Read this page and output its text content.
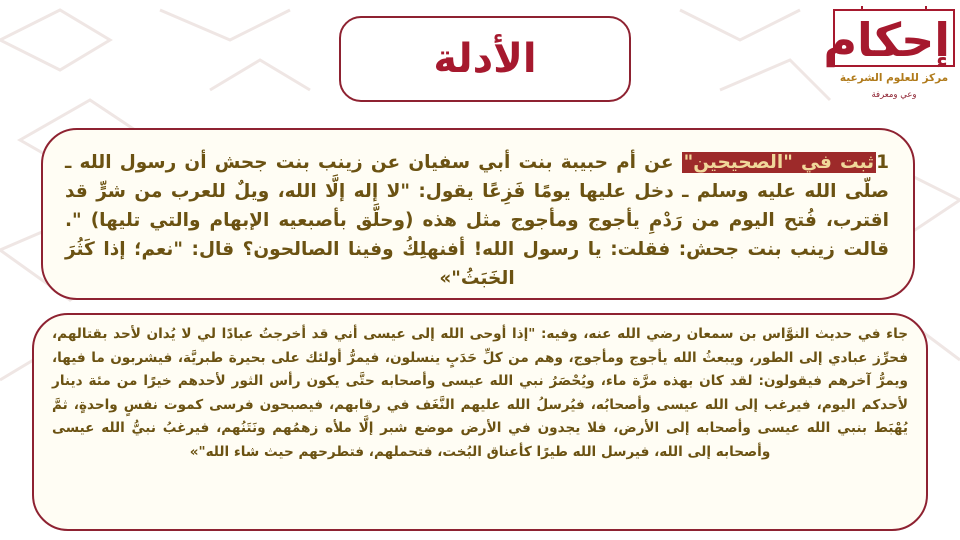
الأدلة	إحكام
مركز للعلوم الشرعية
وعي ومعرفة
1ثبت في "الصحيحين" عن أم حبيبة بنت أبي سفيان عن زينب بنت جحش أن رسول الله ـ صلّى الله عليه وسلم ـ دخل عليها يومًا فَزِعًا يقول: "لا إله إلَّا الله، ويلٌ للعرب من شرٍّ قد اقترب، فُتح اليوم من رَدْمِ يأجوج ومأجوج مثل هذه (وحلَّق بأصبعيه الإبهام والتي تليها) ". قالت زينب بنت جحش: فقلت: يا رسول الله! أفنهلِكُ وفينا الصالحون؟ قال: "نعم؛ إذا كَثُرَ الخَبَثُ"»
جاء في حديث النوَّاس بن سمعان رضي الله عنه، وفيه: "إذا أوحى الله إلى عيسى أني قد أخرجتُ عبادًا لي لا يُدان لأحد بقتالهم، فحرِّز عبادي إلى الطور، ويبعثُ الله يأجوج ومأجوج، وهم من كلِّ حَدَبٍ ينسلون، فيمرُّ أولئك على بحيرة طبريَّة، فيشربون ما فيها، ويمرُّ آخرهم فيقولون: لقد كان بهذه مرَّة ماء، ويُحْصَرُ نبي الله عيسى وأصحابه حتَّى يكون رأس الثور لأحدهم خيرًا من مئة دينار لأحدكم اليوم، فيرغب إلى الله عيسى وأصحابُه، فيُرسلُ الله عليهم النَّغَف في رقابهم، فيصبحون فرسى كموت نفسٍ واحدةٍ، ثمَّ يُهْبَط بنبي الله عيسى وأصحابه إلى الأرض، فلا يجدون في الأرض موضع شبر إلَّا ملأه زهمُهم ونَتَنُهم، فيرغبُ نبيُّ الله عيسى وأصحابه إلى الله، فيرسل الله طيرًا كأعناق البُخت، فتحملهم، فتطرحهم حيث شاء الله"»
